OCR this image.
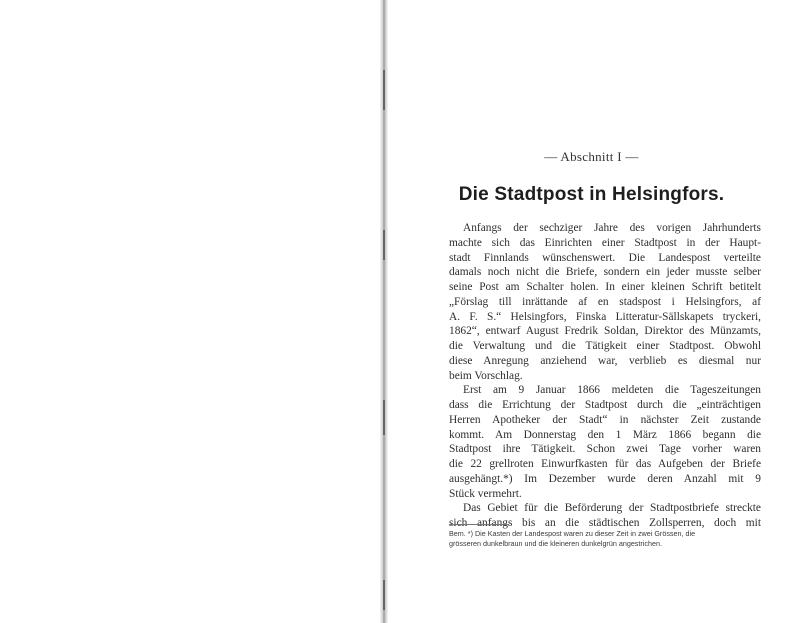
— Abschnitt I —
Die Stadtpost in Helsingfors.
Anfangs der sechziger Jahre des vorigen Jahrhunderts
machte sich das Einrichten einer Stadtpost in der Haupt-
stadt Finnlands wünschenswert. Die Landespost verteilte
damals noch nicht die Briefe, sondern ein jeder musste selber
seine Post am Schalter holen. In einer kleinen Schrift betitelt
„Förslag till inrättande af en stadspost i Helsingfors, af
A. F. S.“ Helsingfors, Finska Litteratur-Sällskapets tryckeri,
1862“, entwarf August Fredrik Soldan, Direktor des Münzamts,
die Verwaltung und die Tätigkeit einer Stadtpost. Obwohl
diese Anregung anziehend war, verblieb es diesmal nur
beim Vorschlag.
Erst am 9 Januar 1866 meldeten die Tageszeitungen
dass die Errichtung der Stadtpost durch die „einträchtigen
Herren Apotheker der Stadt“ in nächster Zeit zustande
kommt. Am Donnerstag den 1 März 1866 begann die
Stadtpost ihre Tätigkeit. Schon zwei Tage vorher waren
die 22 grellroten Einwurfkasten für das Aufgeben der Briefe
ausgehängt.*) Im Dezember wurde deren Anzahl mit 9
Stück vermehrt.
Das Gebiet für die Beförderung der Stadtpostbriefe streckte
sich anfangs bis an die städtischen Zollsperren, doch mit
Bem. *) Die Kasten der Landespost waren zu dieser Zeit in zwei Grössen, die
grösseren dunkelbraun und die kleineren dunkelgrün angestrichen.
